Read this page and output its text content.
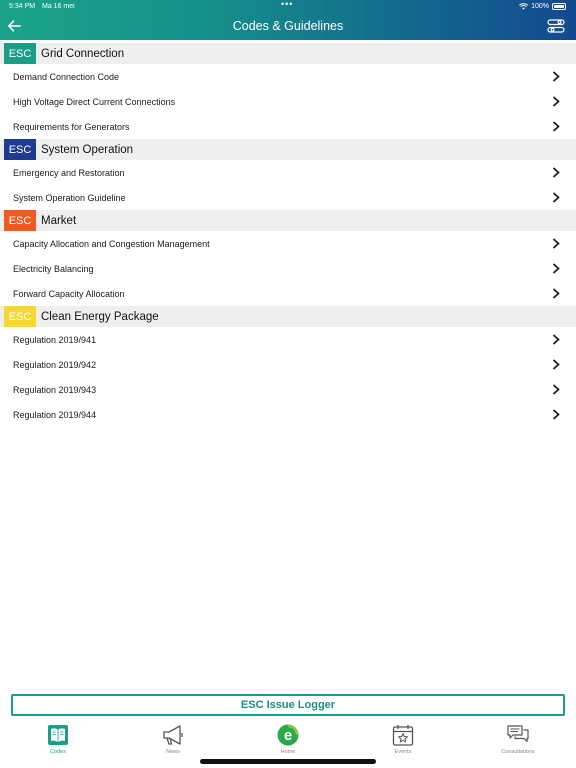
5:34 PM Ma 16 mei	•••	100%
Codes & Guidelines
ESC Grid Connection
Demand Connection Code
High Voltage Direct Current Connections
Requirements for Generators
ESC System Operation
Emergency and Restoration
System Operation Guideline
ESC Market
Capacity Allocation and Congestion Management
Electricity Balancing
Forward Capacity Allocation
ESC Clean Energy Package
Regulation 2019/941
Regulation 2019/942
Regulation 2019/943
Regulation 2019/944
ESC Issue Logger
Codes	News
e
Home	Events	Consultations
